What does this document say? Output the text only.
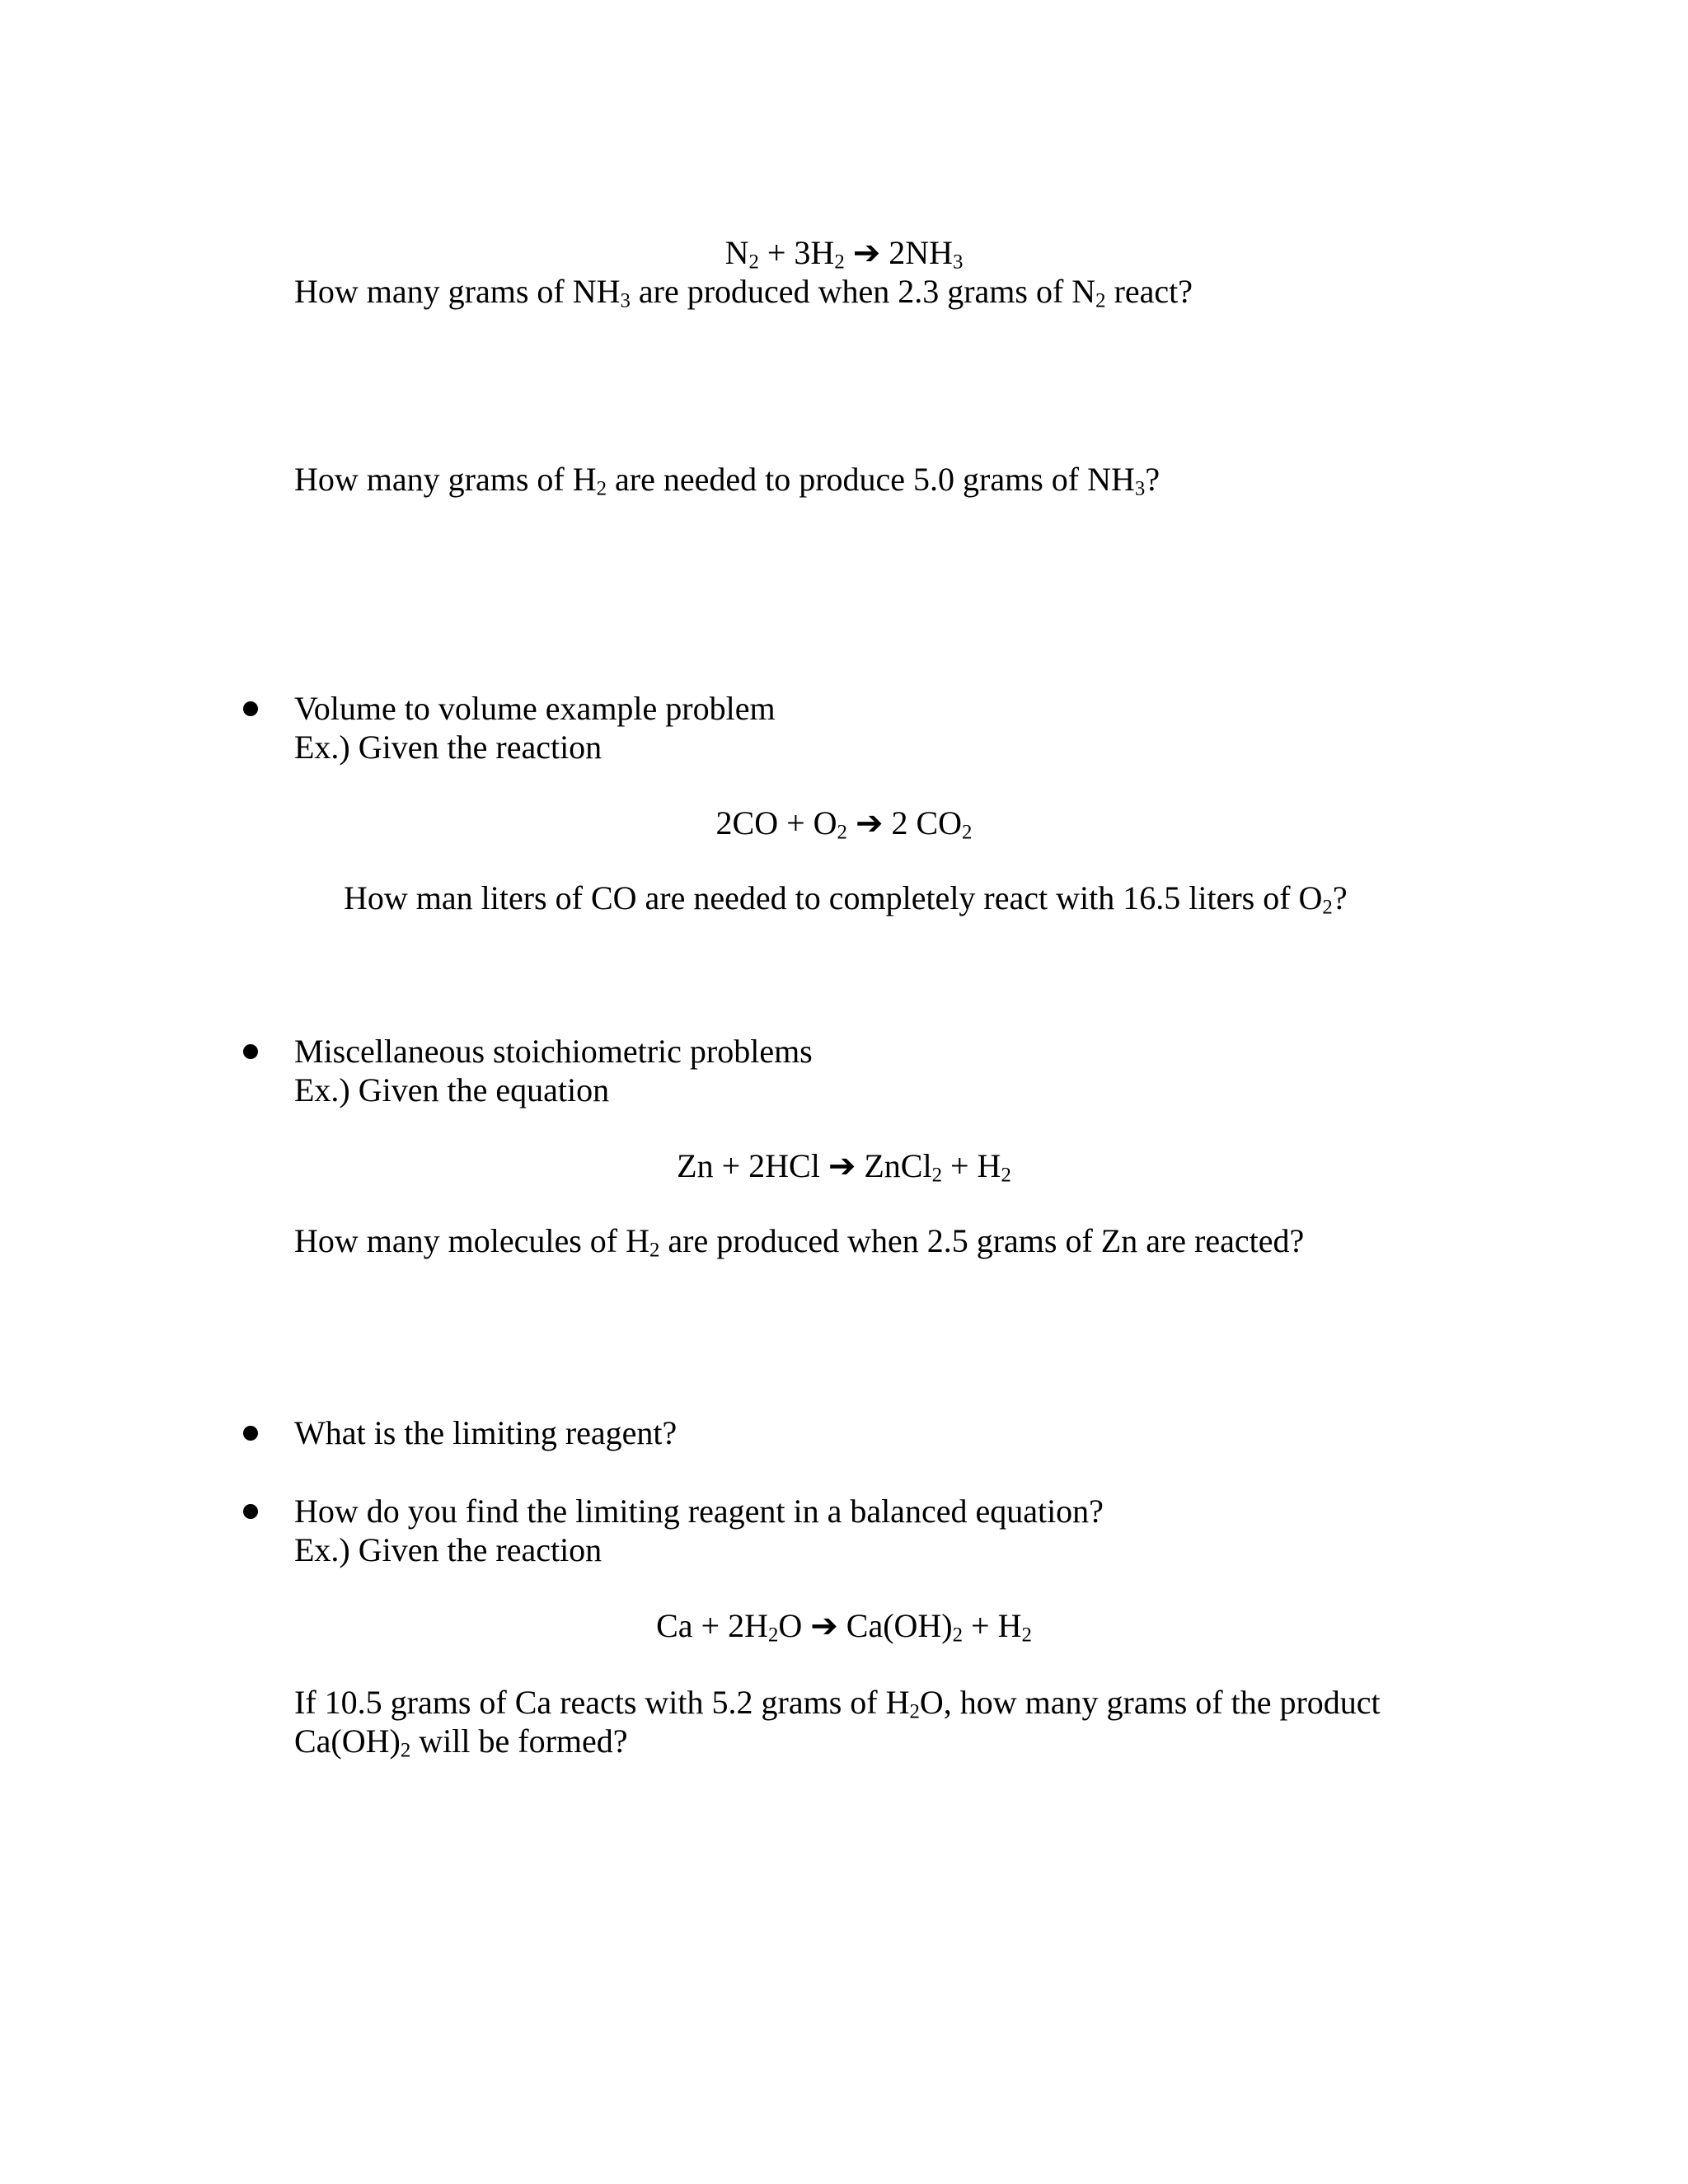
$N_2 + 3H_2$ ➔ $2NH_3$
How many grams of $NH_3$ are produced when 2.3 grams of $N_2$ react?
How many grams of $H_2$ are needed to produce 5.0 grams of $NH_3$?
Volume to volume example problem
Ex.) Given the reaction
$2CO + O_2$ ➔ 2 $CO_2$
How man liters of CO are needed to completely react with 16.5 liters of $O_2$?
Miscellaneous stoichiometric problems
Ex.) Given the equation
Zn + 2HCl ➔ ZnCl$_2$ + $H_2$
How many molecules of $H_2$ are produced when 2.5 grams of Zn are reacted?
What is the limiting reagent?
How do you find the limiting reagent in a balanced equation?
Ex.) Given the reaction
$Ca + 2H_2O$ ➔ $Ca(OH)_2 + H_2$
If 10.5 grams of Ca reacts with 5.2 grams of $H_2O$, how many grams of the product
$Ca(OH)_2$ will be formed?
